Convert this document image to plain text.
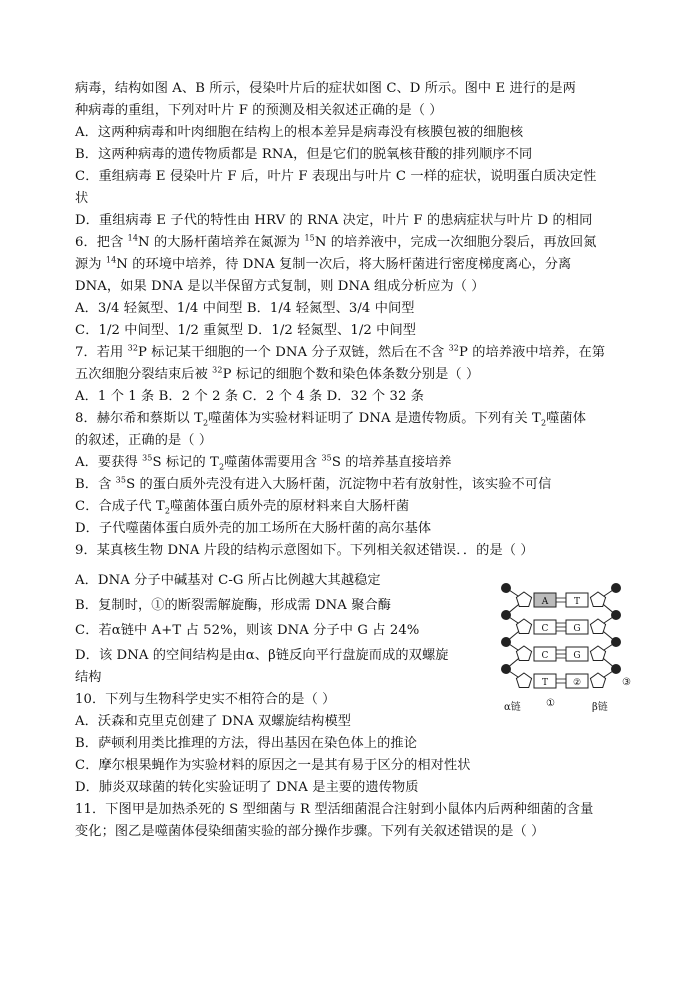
病毒，结构如图 A、B 所示，侵染叶片后的症状如图 C、D 所示。图中 E 进行的是两
种病毒的重组，下列对叶片 F 的预测及相关叙述正确的是（ ）
A．这两种病毒和叶肉细胞在结构上的根本差异是病毒没有核膜包被的细胞核
B．这两种病毒的遗传物质都是 RNA，但是它们的脱氧核苷酸的排列顺序不同
C．重组病毒 E 侵染叶片 F 后，叶片 F 表现出与叶片 C 一样的症状，说明蛋白质决定性
状
D．重组病毒 E 子代的特性由 HRV 的 RNA 决定，叶片 F 的患病症状与叶片 D 的相同
6．把含 $^{14}$N 的大肠杆菌培养在氮源为 $^{15}$N 的培养液中，完成一次细胞分裂后，再放回氮
源为 $^{14}$N 的环境中培养，待 DNA 复制一次后，将大肠杆菌进行密度梯度离心，分离
DNA，如果 DNA 是以半保留方式复制，则 DNA 组成分析应为（ ）
A．3/4 轻氮型、1/4 中间型 B．1/4 轻氮型、3/4 中间型
C．1/2 中间型、1/2 重氮型 D．1/2 轻氮型、1/2 中间型
7．若用 $^{32}$P 标记某干细胞的一个 DNA 分子双链，然后在不含 $^{32}$P 的培养液中培养，在第
五次细胞分裂结束后被 $^{32}$P 标记的细胞个数和染色体条数分别是（ ）
A．1 个 1 条 B．2 个 2 条 C．2 个 4 条 D．32 个 32 条
8．赫尔希和蔡斯以 $T_2$噬菌体为实验材料证明了 DNA 是遗传物质。下列有关 $T_2$噬菌体
的叙述，正确的是（ ）
A．要获得 $^{35}$S 标记的 $T_2$噬菌体需要用含 $^{35}$S 的培养基直接培养
B．含 $^{35}$S 的蛋白质外壳没有进入大肠杆菌，沉淀物中若有放射性，该实验不可信
C．合成子代 $T_2$噬菌体蛋白质外壳的原材料来自大肠杆菌
D．子代噬菌体蛋白质外壳的加工场所在大肠杆菌的高尔基体
9．某真核生物 DNA 片段的结构示意图如下。下列相关叙述错误．．的是（ ）
A．DNA 分子中碱基对 C-G 所占比例越大其越稳定
B．复制时，①的断裂需解旋酶，形成需 DNA 聚合酶
C．若α链中 A+T 占 52%，则该 DNA 分子中 G 占 24%
D．该 DNA 的空间结构是由α、β链反向平行盘旋而成的双螺旋
结构
10．下列与生物科学史实不相符合的是（ ）
A．沃森和克里克创建了 DNA 双螺旋结构模型
B．萨顿利用类比推理的方法，得出基因在染色体上的推论
C．摩尔根果蝇作为实验材料的原因之一是其有易于区分的相对性状
D．肺炎双球菌的转化实验证明了 DNA 是主要的遗传物质
11．下图甲是加热杀死的 S 型细菌与 R 型活细菌混合注射到小鼠体内后两种细菌的含量
变化；图乙是噬菌体侵染细菌实验的部分操作步骤。下列有关叙述错误的是（ ）
A	T
C	G
C	G
T	②
α链	β链
①
③
